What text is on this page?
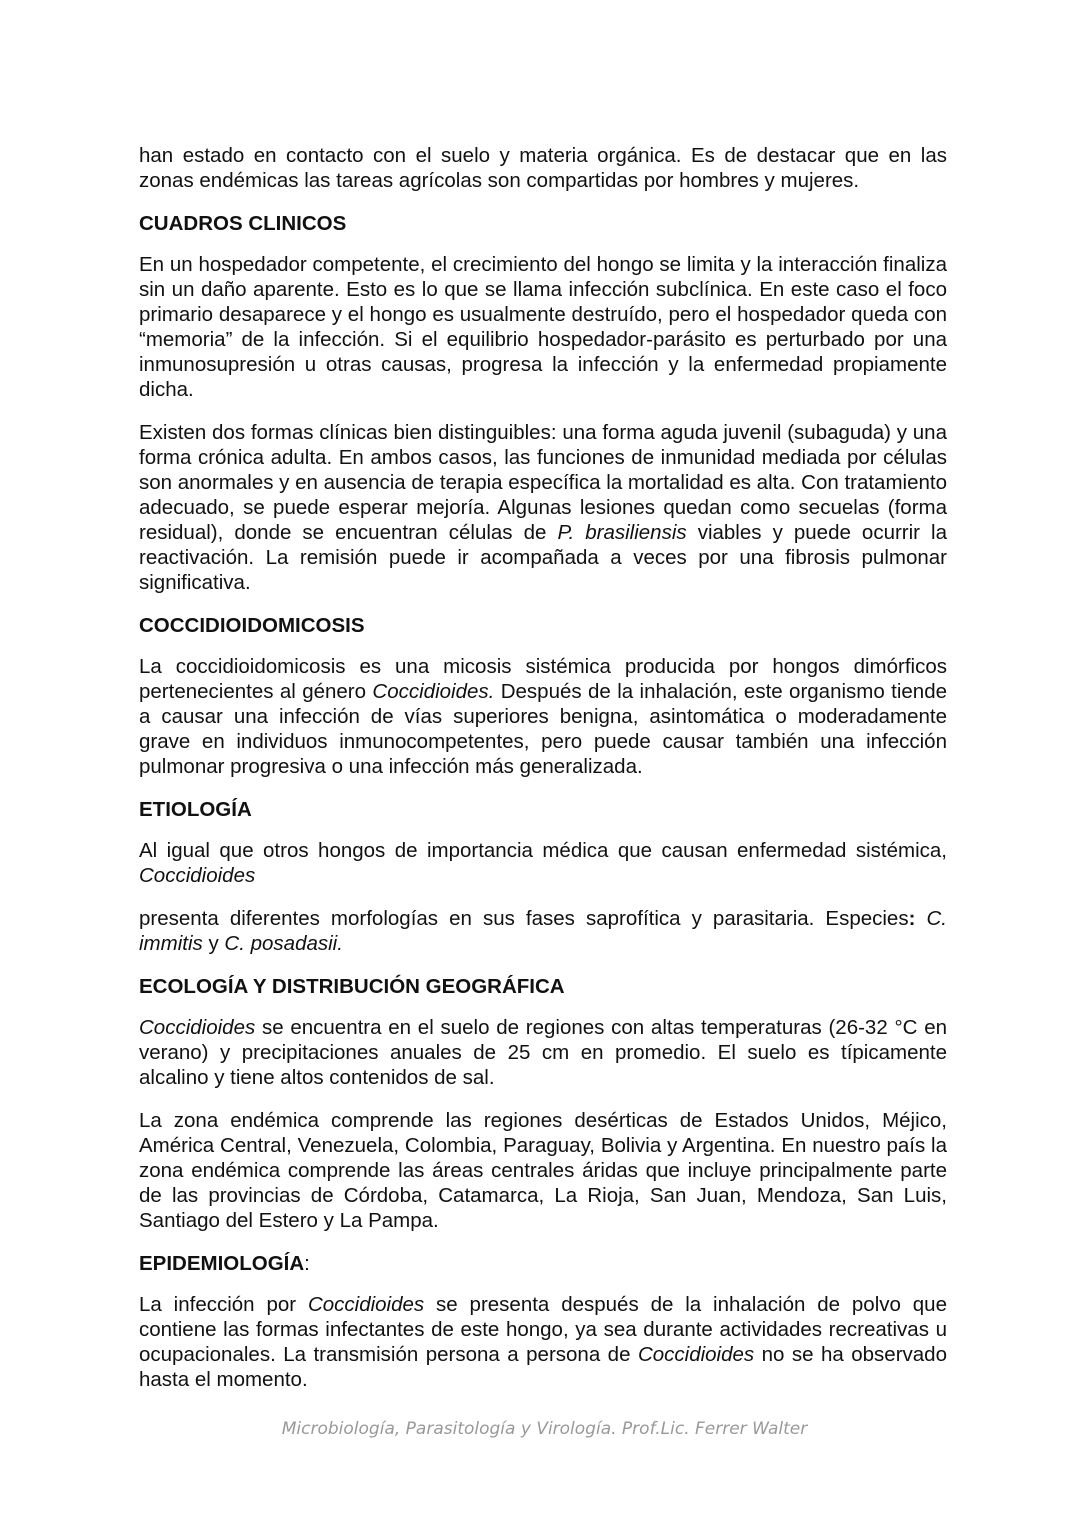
han estado en contacto con el suelo y materia orgánica. Es de destacar que en las zonas endémicas las tareas agrícolas son compartidas por hombres y mujeres.

CUADROS CLINICOS

En un hospedador competente, el crecimiento del hongo se limita y la interacción finaliza sin un daño aparente. Esto es lo que se llama infección subclínica. En este caso el foco primario desaparece y el hongo es usualmente destruído, pero el hospedador queda con “memoria” de la infección. Si el equilibrio hospedador-parásito es perturbado por una inmunosupresión u otras causas, progresa la infección y la enfermedad propiamente dicha.

Existen dos formas clínicas bien distinguibles: una forma aguda juvenil (subaguda) y una forma crónica adulta. En ambos casos, las funciones de inmunidad mediada por células son anormales y en ausencia de terapia específica la mortalidad es alta. Con tratamiento adecuado, se puede esperar mejoría. Algunas lesiones quedan como secuelas (forma residual), donde se encuentran células de P. brasiliensis viables y puede ocurrir la reactivación. La remisión puede ir acompañada a veces por una fibrosis pulmonar significativa.

COCCIDIOIDOMICOSIS

La coccidioidomicosis es una micosis sistémica producida por hongos dimórficos pertenecientes al género Coccidioides. Después de la inhalación, este organismo tiende a causar una infección de vías superiores benigna, asintomática o moderadamente grave en individuos inmunocompetentes, pero puede causar también una infección pulmonar progresiva o una infección más generalizada.

ETIOLOGÍA

Al igual que otros hongos de importancia médica que causan enfermedad sistémica, Coccidioides

presenta diferentes morfologías en sus fases saprofítica y parasitaria. Especies: C. immitis y C. posadasii.

ECOLOGÍA Y DISTRIBUCIÓN GEOGRÁFICA

Coccidioides se encuentra en el suelo de regiones con altas temperaturas (26-32 °C en verano) y precipitaciones anuales de 25 cm en promedio. El suelo es típicamente alcalino y tiene altos contenidos de sal.

La zona endémica comprende las regiones desérticas de Estados Unidos, Méjico, América Central, Venezuela, Colombia, Paraguay, Bolivia y Argentina. En nuestro país la zona endémica comprende las áreas centrales áridas que incluye principalmente parte de las provincias de Córdoba, Catamarca, La Rioja, San Juan, Mendoza, San Luis, Santiago del Estero y La Pampa.

EPIDEMIOLOGÍA:

La infección por Coccidioides se presenta después de la inhalación de polvo que contiene las formas infectantes de este hongo, ya sea durante actividades recreativas u ocupacionales. La transmisión persona a persona de Coccidioides no se ha observado hasta el momento.

Microbiología, Parasitología y Virología. Prof.Lic. Ferrer Walter
